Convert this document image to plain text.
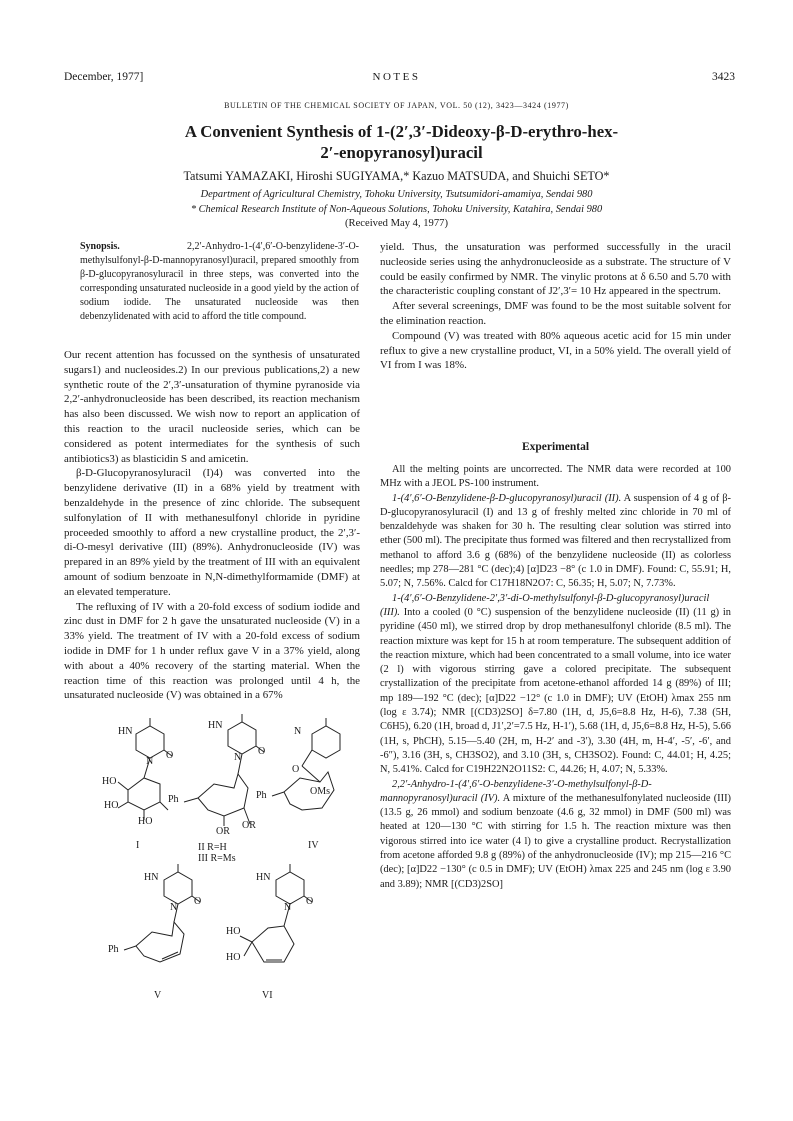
December, 1977]	NOTES	3423
BULLETIN OF THE CHEMICAL SOCIETY OF JAPAN, VOL. 50 (12), 3423—3424 (1977)
A Convenient Synthesis of 1-(2′,3′-Dideoxy-β-D-erythro-hex-
2′-enopyranosyl)uracil
Tatsumi YAMAZAKI, Hiroshi SUGIYAMA,* Kazuo MATSUDA, and Shuichi SETO*
Department of Agricultural Chemistry, Tohoku University, Tsutsumidori-amamiya, Sendai 980
* Chemical Research Institute of Non-Aqueous Solutions, Tohoku University, Katahira, Sendai 980
(Received May 4, 1977)

Synopsis.	2,2′-Anhydro-1-(4′,6′-O-benzylidene-3′-O-methylsulfonyl-β-D-mannopyranosyl)uracil, prepared smoothly from β-D-glucopyranosyluracil in three steps, was converted into the corresponding unsaturated nucleoside in a good yield by the action of sodium iodide. The unsaturated nucleoside was then debenzylidenated with acid to afford the title compound.

Our recent attention has focussed on the synthesis of unsaturated sugars1) and nucleosides.2) In our previous publications,2) a new synthetic route of the 2′,3′-unsaturation of thymine pyranoside via 2,2′-anhydronucleoside has been described, its reaction mechanism has also been discussed. We wish now to report an application of this reaction to the uracil nucleoside series, which can be considered as potent intermediates for the synthesis of such antibiotics3) as blasticidin S and amicetin.

β-D-Glucopyranosyluracil (I)4) was converted into the benzylidene derivative (II) in a 68% yield by treatment with benzaldehyde in the presence of zinc chloride. The subsequent sulfonylation of II with methanesulfonyl chloride in pyridine proceeded smoothly to afford a new crystalline product, the 2′,3′-di-O-mesyl derivative (III) (89%). Anhydronucleoside (IV) was prepared in an 89% yield by the treatment of III with an equivalent amount of sodium benzoate in N,N-dimethylformamide (DMF) at an elevated temperature.

The refluxing of IV with a 20-fold excess of sodium iodide and zinc dust in DMF for 2 h gave the unsaturated nucleoside (V) in a 33% yield. The treatment of IV with a 20-fold excess of sodium iodide in DMF for 1 h under reflux gave V in a 37% yield, along with about a 40% recovery of the starting material. When the reaction time of this reaction was prolonged until 4 h, the unsaturated nucleoside (V) was obtained in a 67%

yield. Thus, the unsaturation was performed successfully in the uracil nucleoside series using the anhydronucleoside as a substrate. The structure of V could be easily confirmed by NMR. The vinylic protons at δ 6.50 and 5.70 with the characteristic coupling constant of J2′,3′= 10 Hz appeared in the spectrum.

After several screenings, DMF was found to be the most suitable solvent for the elimination reaction.

Compound (V) was treated with 80% aqueous acetic acid for 15 min under reflux to give a new crystalline product, VI, in a 50% yield. The overall yield of VI from I was 18%.

Experimental

All the melting points are uncorrected. The NMR data were recorded at 100 MHz with a JEOL PS-100 instrument.

1-(4′,6′-O-Benzylidene-β-D-glucopyranosyl)uracil (II). A suspension of 4 g of β-D-glucopyranosyluracil (I) and 13 g of freshly melted zinc chloride in 70 ml of benzaldehyde was shaken for 30 h. The resulting clear solution was stirred into ether (500 ml). The precipitate thus formed was filtered and then recrystallized from methanol to afford 3.6 g (68%) of the benzylidene nucleoside (II) as colorless needles; mp 278—281 °C (dec);4) [α]D23 −8° (c 1.0 in DMF). Found: C, 55.91; H, 5.07; N, 7.56%. Calcd for C17H18N2O7: C, 56.35; H, 5.07; N, 7.73%.

1-(4′,6′-O-Benzylidene-2′,3′-di-O-methylsulfonyl-β-D-glucopyranosyl)uracil (III). Into a cooled (0 °C) suspension of the benzylidene nucleoside (II) (11 g) in pyridine (450 ml), we stirred drop by drop methanesulfonyl chloride (8.5 ml). The reaction mixture was kept for 15 h at room temperature. The subsequent addition of the reaction mixture, which had been concentrated to a small volume, into ice water (2 l) with vigorous stirring gave a colored precipitate. The subsequent crystallization of the precipitate from acetone-ethanol afforded 14 g (89%) of III; mp 189—192 °C (dec); [α]D22 −12° (c 1.0 in DMF); UV (EtOH) λmax 255 nm (log ε 3.74); NMR [(CD3)2SO] δ=7.80 (1H, d, J5,6=8.8 Hz, H-6), 7.38 (5H, C6H5), 6.20 (1H, broad d, J1′,2′=7.5 Hz, H-1′), 5.68 (1H, d, J5,6=8.8 Hz, H-5), 5.66 (1H, s, PhCH), 5.15—5.40 (2H, m, H-2′ and -3′), 3.30 (4H, m, H-4′, -5′, -6′, and -6″), 3.16 (3H, s, CH3SO2), and 3.10 (3H, s, CH3SO2). Found: C, 44.01; H, 4.25; N, 5.41%. Calcd for C19H22N2O11S2: C, 44.26; H, 4.07; N, 5.33%.

2,2′-Anhydro-1-(4′,6′-O-benzylidene-3′-O-methylsulfonyl-β-D-mannopyranosyl)uracil (IV). A mixture of the methanesulfonylated nucleoside (III) (13.5 g, 26 mmol) and sodium benzoate (4.6 g, 32 mmol) in DMF (500 ml) was heated at 120—130 °C with stirring for 1.5 h. The reaction mixture was then vigorous stirred into ice water (4 l) to give a crystalline product. Recrystallization from acetone afforded 9.8 g (89%) of the anhydronucleoside (IV); mp 215—216 °C (dec); [α]D22 −130° (c 0.5 in DMF); UV (EtOH) λmax 225 and 245 nm (log ε 3.90 and 3.89); NMR [(CD3)2SO]

HN
O
N
HO
HO
HO
I
HN
O
N
Ph
OR
OR
II R=H
III R=Ms
N
O
Ph	OMs
IV
HN
O
N
Ph
V
HN
O
N
HO
HO
VI
